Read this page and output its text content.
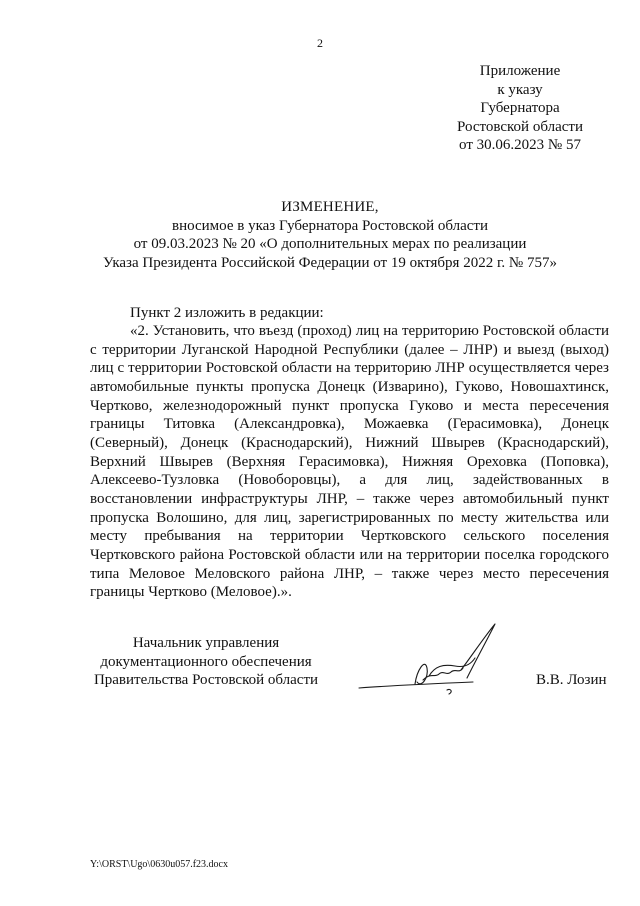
2
Приложение
к указу
Губернатора
Ростовской области
от 30.06.2023 № 57
ИЗМЕНЕНИЕ,
вносимое в указ Губернатора Ростовской области
от 09.03.2023 № 20 «О дополнительных мерах по реализации
Указа Президента Российской Федерации от 19 октября 2022 г. № 757»
Пункт 2 изложить в редакции:

«2. Установить, что въезд (проход) лиц на территорию Ростовской области с территории Луганской Народной Республики (далее – ЛНР) и выезд (выход) лиц с территории Ростовской области на территорию ЛНР осуществляется через автомобильные пункты пропуска Донецк (Изварино), Гуково, Новошахтинск, Чертково, железнодорожный пункт пропуска Гуково и места пересечения границы Титовка (Александровка), Можаевка (Герасимовка), Донецк (Северный), Донецк (Краснодарский), Нижний Швырев (Краснодарский), Верхний Швырев (Верхняя Герасимовка), Нижняя Ореховка (Поповка), Алексеево-Тузловка (Новоборовцы), а для лиц, задействованных в восстановлении инфраструктуры ЛНР, – также через автомобильный пункт пропуска Волошино, для лиц, зарегистрированных по месту жительства или месту пребывания на территории Чертковского сельского поселения Чертковского района Ростовской области или на территории поселка городского типа Меловое Меловского района ЛНР, – также через место пересечения границы Чертково (Меловое).».

Начальник управления
документационного обеспечения
Правительства Ростовской области	В.В. Лозин
Y:\ORST\Ugo\0630u057.f23.docx
